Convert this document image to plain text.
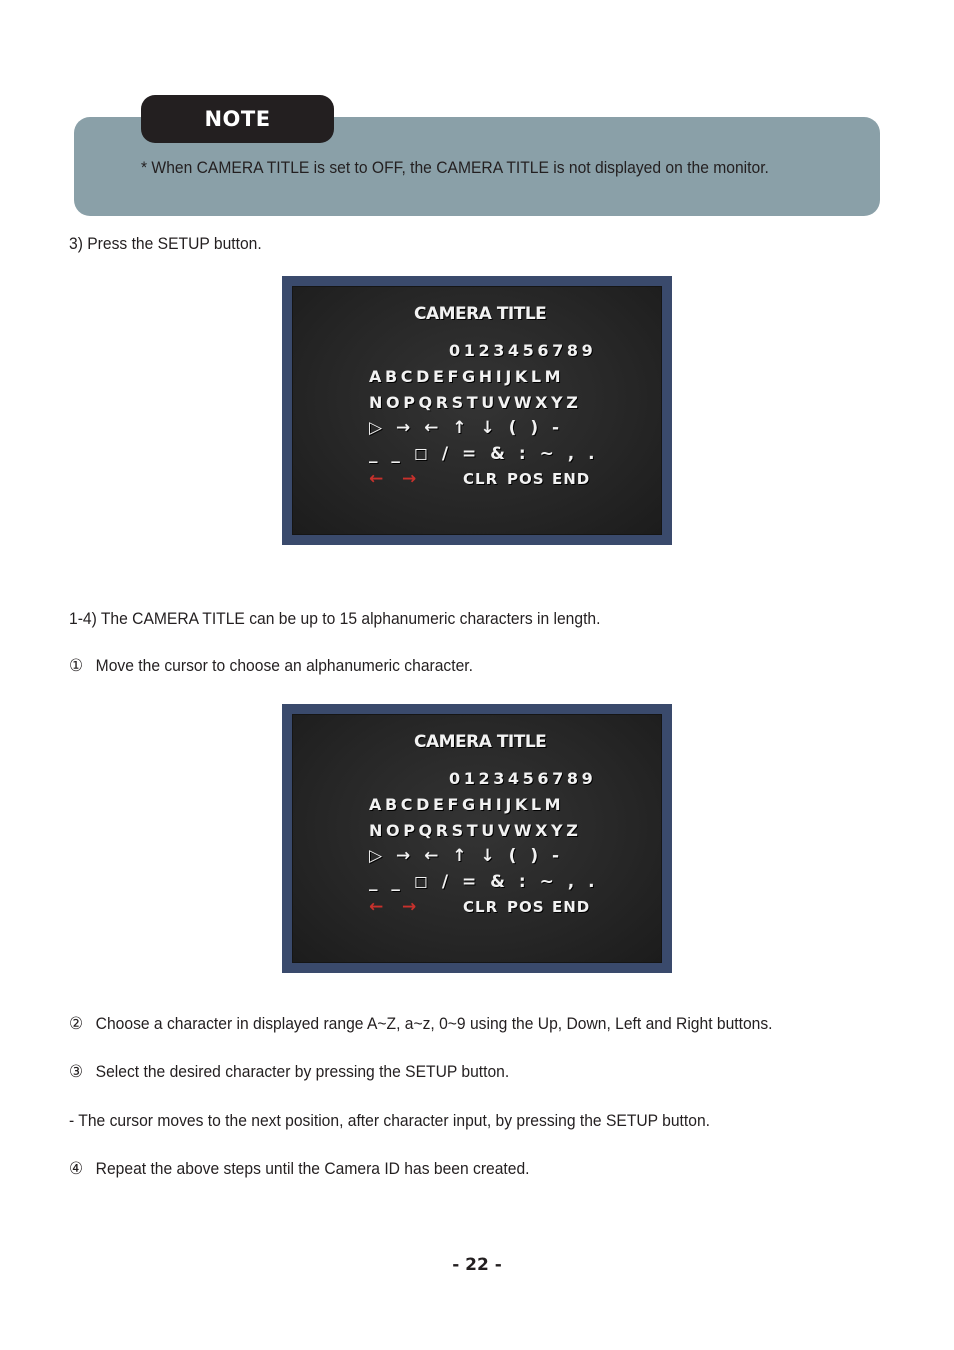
NOTE
* When CAMERA TITLE is set to OFF, the CAMERA TITLE is not displayed on the monitor.
3) Press the SETUP button.
CAMERA TITLE
0123456789
ABCDEFGHIJKLM
NOPQRSTUVWXYZ
▷ → ← ↑ ↓ ( ) -
_ _ ◻ / = & : ~ , .
← →	CLR POS END
1-4) The CAMERA TITLE can be up to 15 alphanumeric characters in length.
① Move the cursor to choose an alphanumeric character.
CAMERA TITLE
0123456789
ABCDEFGHIJKLM
NOPQRSTUVWXYZ
▷ → ← ↑ ↓ ( ) -
_ _ ◻ / = & : ~ , .
← →	CLR POS END
② Choose a character in displayed range A~Z, a~z, 0~9 using the Up, Down, Left and Right buttons.
③ Select the desired character by pressing the SETUP button.
- The cursor moves to the next position, after character input, by pressing the SETUP button.
④ Repeat the above steps until the Camera ID has been created.
- 22 -
